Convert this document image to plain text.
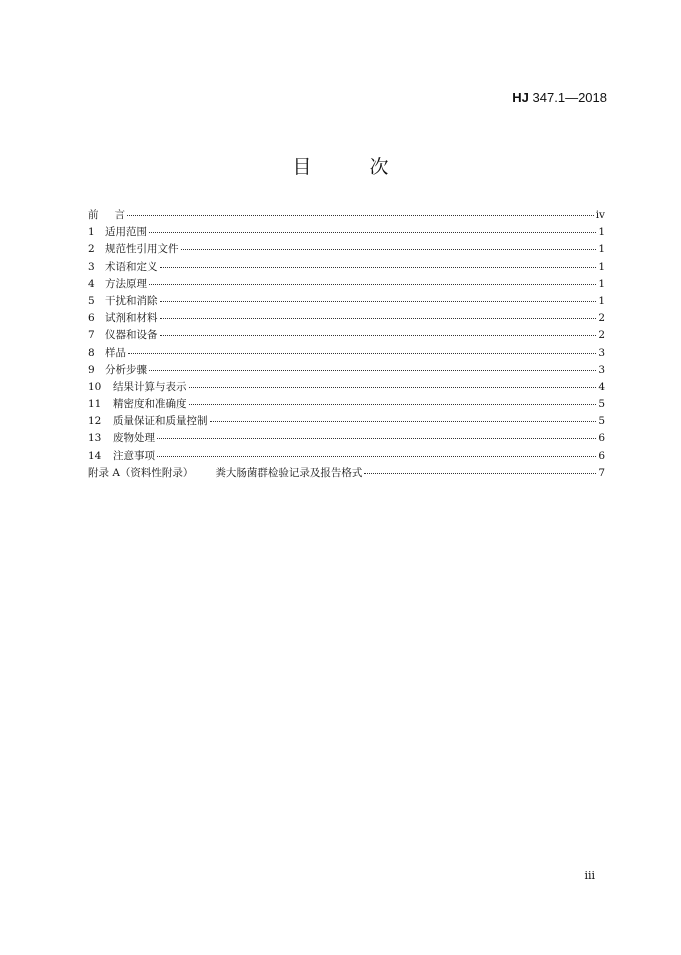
HJ 347.1—2018
目 次
前 言	iv
1 适用范围	1
2 规范性引用文件	1
3 术语和定义	1
4 方法原理	1
5 干扰和消除	1
6 试剂和材料	2
7 仪器和设备	2
8 样品	3
9 分析步骤	3
10	结果计算与表示	4
11	精密度和准确度	5
12	质量保证和质量控制	5
13	废物处理	6
14	注意事项	6
附录 A（资料性附录） 粪大肠菌群检验记录及报告格式	7
iii
